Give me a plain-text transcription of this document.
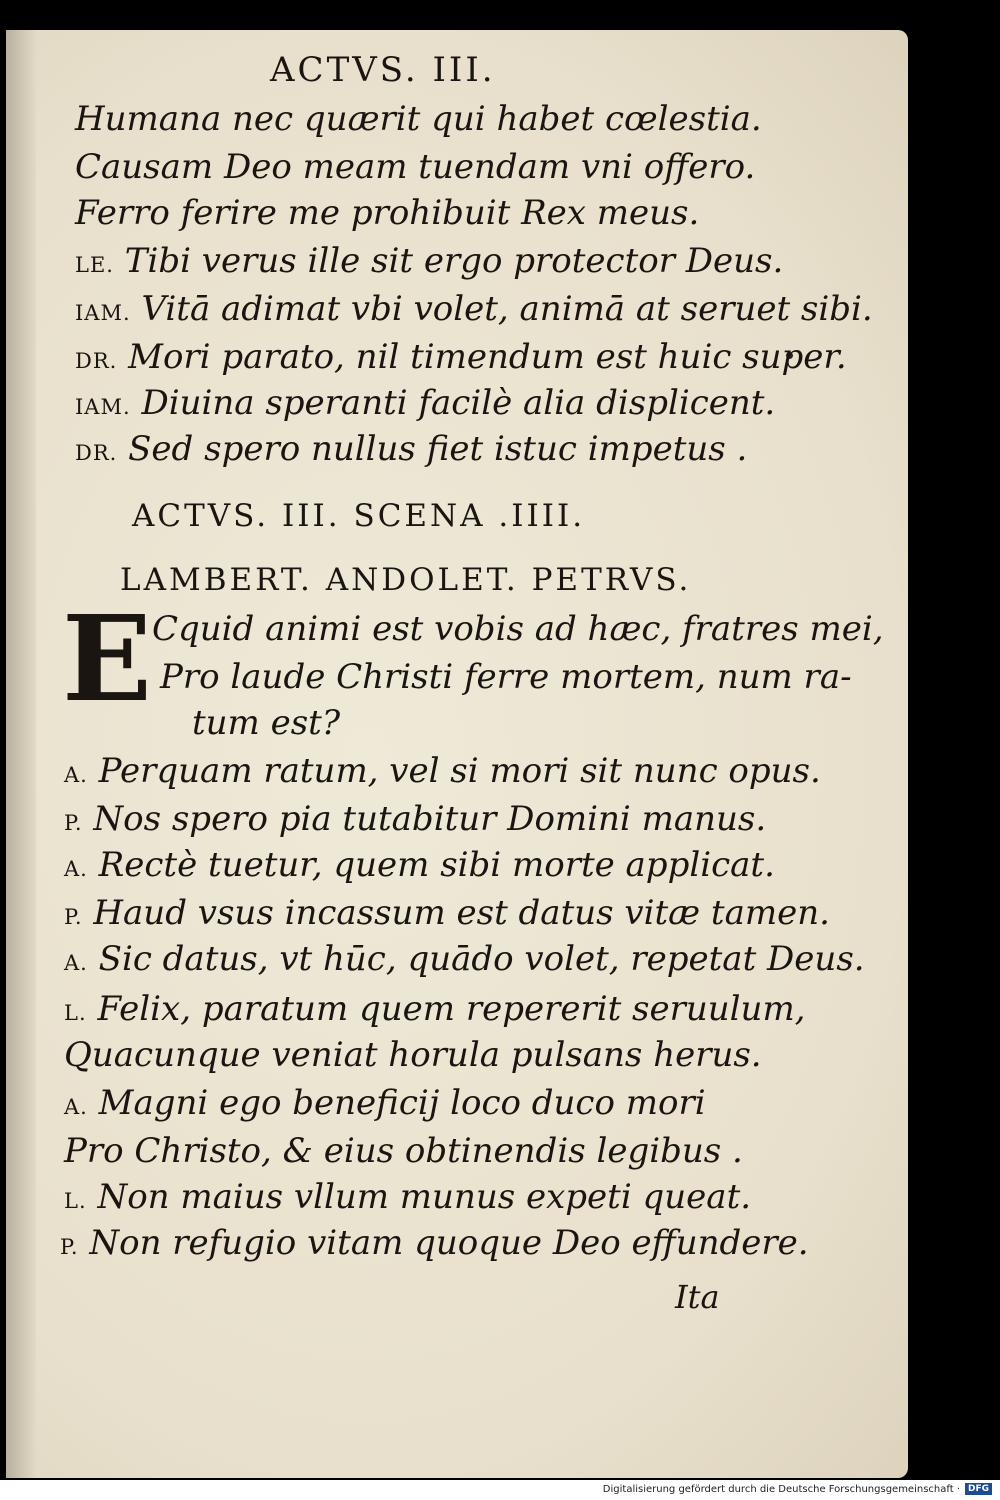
ACTVS. III.
Humana nec quærit qui habet cœlestia.
Causam Deo meam tuendam vni offero.
Ferro ferire me prohibuit Rex meus.
LE. Tibi verus ille sit ergo protector Deus.
IAM. Vitā adimat vbi volet, animā at seruet sibi.
DR. Mori parato, nil timendum est huic super.
IAM. Diuina speranti facilè alia displicent.
DR. Sed spero nullus fiet istuc impetus .
ACTVS. III. SCENA .IIII.
LAMBERT. ANDOLET. PETRVS.
E Cquid animi est vobis ad hæc, fratres mei,
Pro laude Christi ferre mortem, num ra-
tum est?
A. Perquam ratum, vel si mori sit nunc opus.
P. Nos spero pia tutabitur Domini manus.
A. Rectè tuetur, quem sibi morte applicat.
P. Haud vsus incassum est datus vitæ tamen.
A. Sic datus, vt hūc, quādo volet, repetat Deus.
L. Felix, paratum quem repererit seruulum,
Quacunque veniat horula pulsans herus.
A. Magni ego beneficij loco duco mori
Pro Christo, & eius obtinendis legibus .
L. Non maius vllum munus expeti queat.
P. Non refugio vitam quoque Deo effundere.
Ita
Digitalisierung gefördert durch die Deutsche Forschungsgemeinschaft · DFG
